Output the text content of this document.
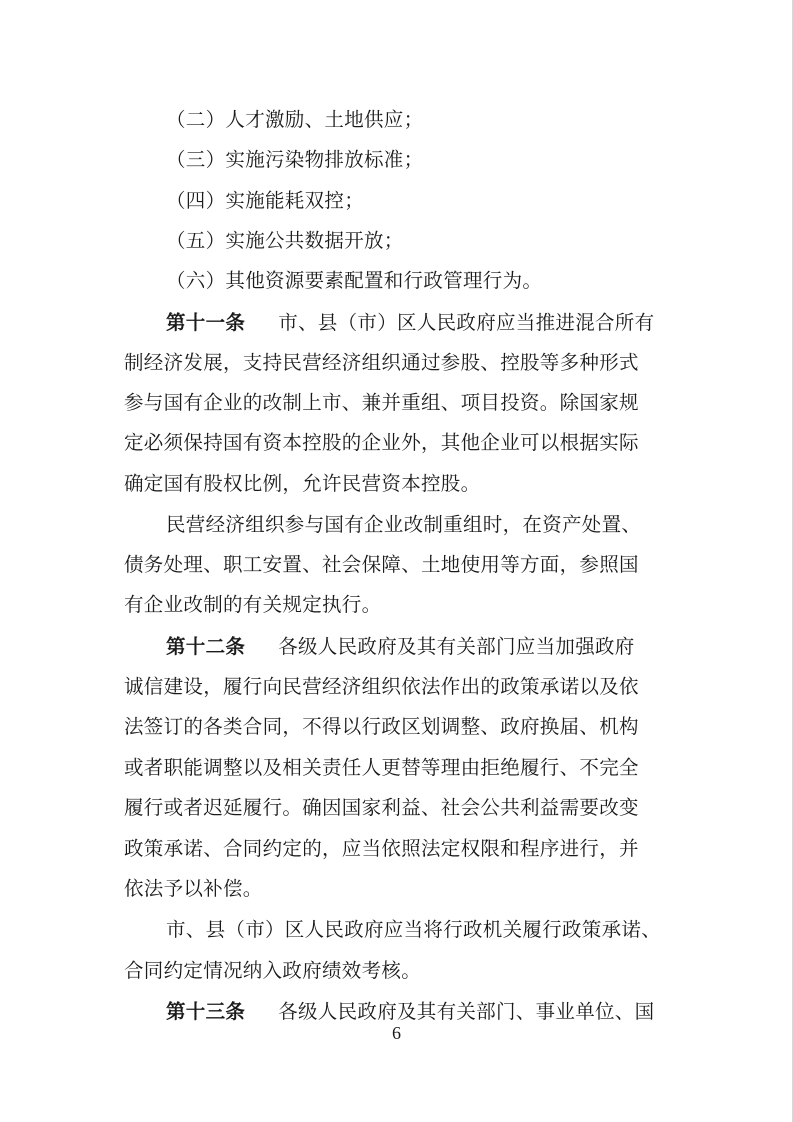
（二）人才激励、土地供应；
（三）实施污染物排放标准；
（四）实施能耗双控；
（五）实施公共数据开放；
（六）其他资源要素配置和行政管理行为。
第十一条 市、县（市）区人民政府应当推进混合所有
制经济发展，支持民营经济组织通过参股、控股等多种形式
参与国有企业的改制上市、兼并重组、项目投资。除国家规
定必须保持国有资本控股的企业外，其他企业可以根据实际
确定国有股权比例，允许民营资本控股。
民营经济组织参与国有企业改制重组时，在资产处置、
债务处理、职工安置、社会保障、土地使用等方面，参照国
有企业改制的有关规定执行。
第十二条 各级人民政府及其有关部门应当加强政府
诚信建设，履行向民营经济组织依法作出的政策承诺以及依
法签订的各类合同，不得以行政区划调整、政府换届、机构
或者职能调整以及相关责任人更替等理由拒绝履行、不完全
履行或者迟延履行。确因国家利益、社会公共利益需要改变
政策承诺、合同约定的，应当依照法定权限和程序进行，并
依法予以补偿。
市、县（市）区人民政府应当将行政机关履行政策承诺、
合同约定情况纳入政府绩效考核。
第十三条 各级人民政府及其有关部门、事业单位、国
6
